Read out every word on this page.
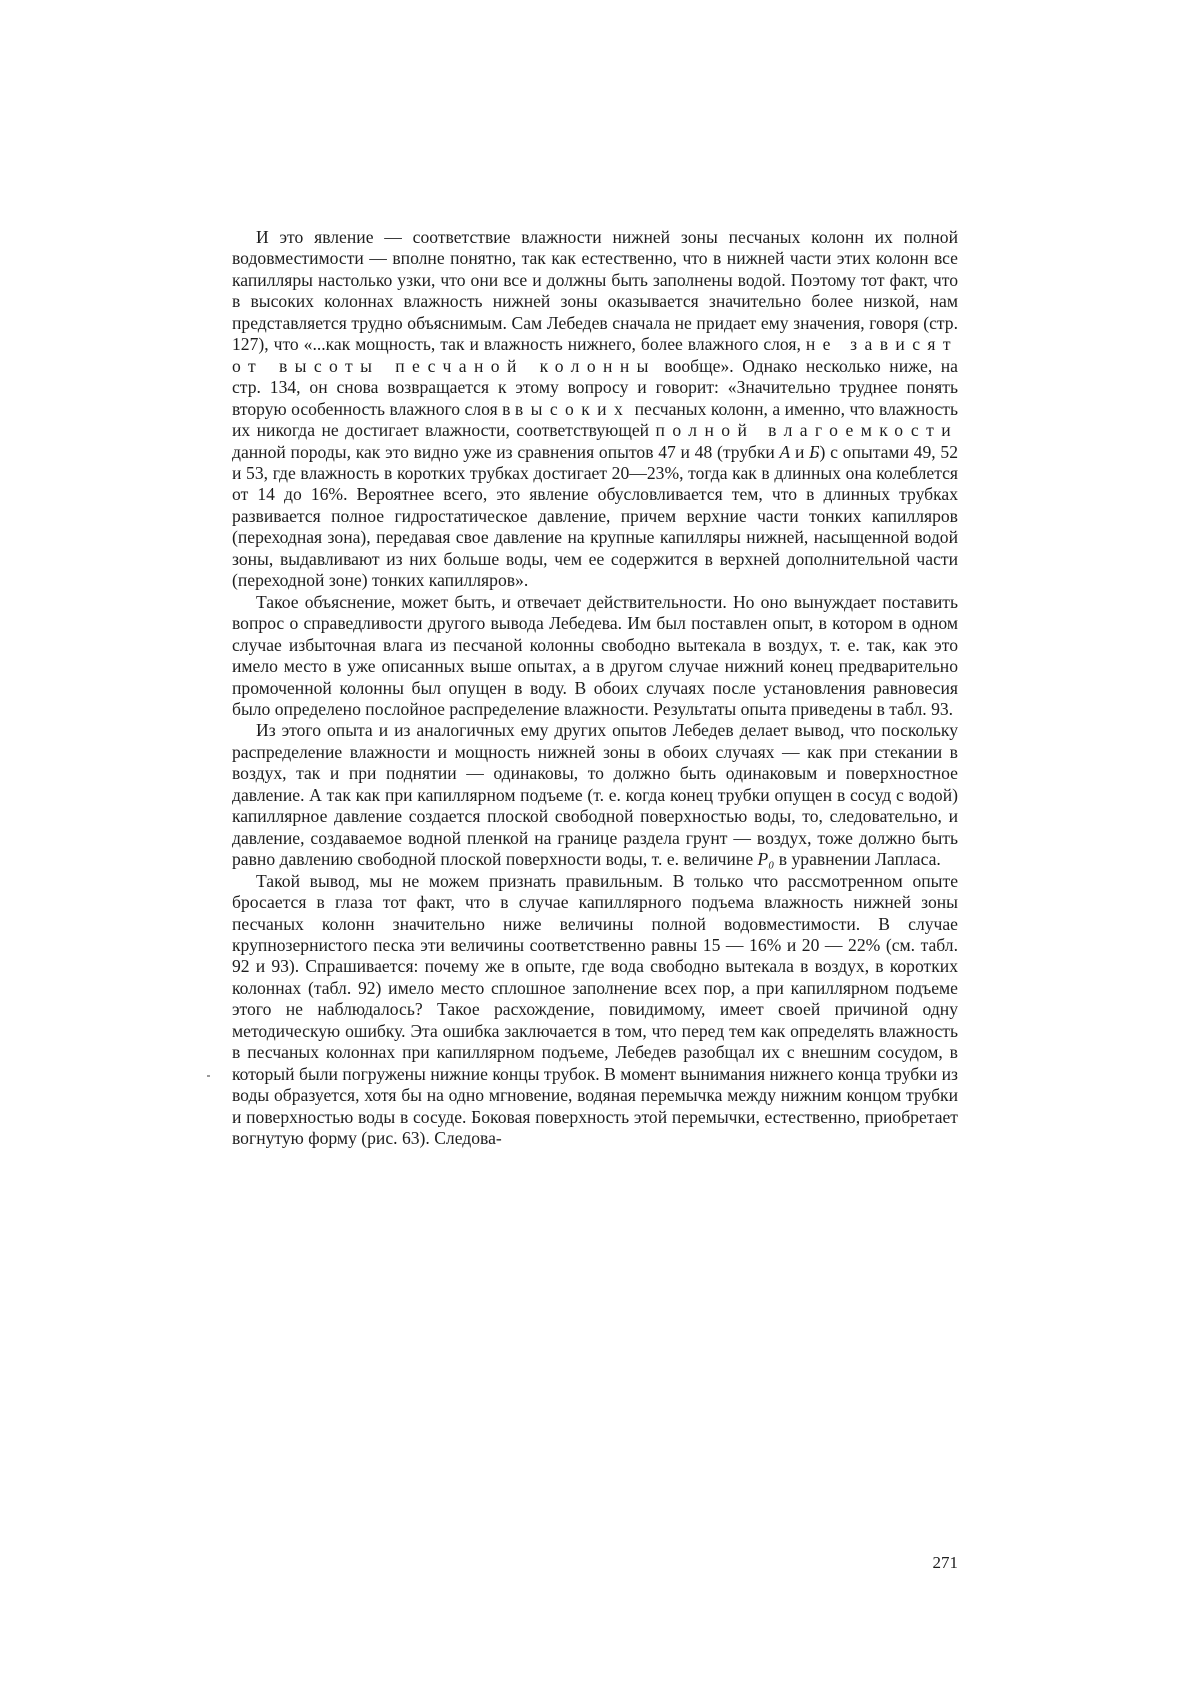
И это явление — соответствие влажности нижней зоны песчаных колонн их полной водовместимости — вполне понятно, так как естественно, что в нижней части этих колонн все капилляры настолько узки, что они все и должны быть заполнены водой. Поэтому тот факт, что в высоких колоннах влажность нижней зоны оказывается значительно более низкой, нам представляется трудно объяснимым. Сам Лебедев сначала не придает ему значения, говоря (стр. 127), что «...как мощность, так и влажность нижнего, более влажного слоя, не зависят от высоты песчаной колонны вообще». Однако несколько ниже, на стр. 134, он снова возвращается к этому вопросу и говорит: «Значительно труднее понять вторую особенность влажного слоя в высоких песчаных колонн, а именно, что влажность их никогда не достигает влажности, соответствующей полной влагоемкости данной породы, как это видно уже из сравнения опытов 47 и 48 (трубки А и Б) с опытами 49, 52 и 53, где влажность в коротких трубках достигает 20—23%, тогда как в длинных она колеблется от 14 до 16%. Вероятнее всего, это явление обусловливается тем, что в длинных трубках развивается полное гидростатическое давление, причем верхние части тонких капилляров (переходная зона), передавая свое давление на крупные капилляры нижней, насыщенной водой зоны, выдавливают из них больше воды, чем ее содержится в верхней дополнительной части (переходной зоне) тонких капилляров».

Такое объяснение, может быть, и отвечает действительности. Но оно вынуждает поставить вопрос о справедливости другого вывода Лебедева. Им был поставлен опыт, в котором в одном случае избыточная влага из песчаной колонны свободно вытекала в воздух, т. е. так, как это имело место в уже описанных выше опытах, а в другом случае нижний конец предварительно промоченной колонны был опущен в воду. В обоих случаях после установления равновесия было определено послойное распределение влажности. Результаты опыта приведены в табл. 93.

Из этого опыта и из аналогичных ему других опытов Лебедев делает вывод, что поскольку распределение влажности и мощность нижней зоны в обоих случаях — как при стекании в воздух, так и при поднятии — одинаковы, то должно быть одинаковым и поверхностное давление. А так как при капиллярном подъеме (т. е. когда конец трубки опущен в сосуд с водой) капиллярное давление создается плоской свободной поверхностью воды, то, следовательно, и давление, создаваемое водной пленкой на границе раздела грунт — воздух, тоже должно быть равно давлению свободной плоской поверхности воды, т. е. величине P₀ в уравнении Лапласа.

Такой вывод, мы не можем признать правильным. В только что рассмотренном опыте бросается в глаза тот факт, что в случае капиллярного подъема влажность нижней зоны песчаных колонн значительно ниже величины полной водовместимости. В случае крупнозернистого песка эти величины соответственно равны 15 — 16% и 20 — 22% (см. табл. 92 и 93). Спрашивается: почему же в опыте, где вода свободно вытекала в воздух, в коротких колоннах (табл. 92) имело место сплошное заполнение всех пор, а при капиллярном подъеме этого не наблюдалось? Такое расхождение, повидимому, имеет своей причиной одну методическую ошибку. Эта ошибка заключается в том, что перед тем как определять влажность в песчаных колоннах при капиллярном подъеме, Лебедев разобщал их с внешним сосудом, в который были погружены нижние концы трубок. В момент вынимания нижнего конца трубки из воды образуется, хотя бы на одно мгновение, водяная перемычка между нижним концом трубки и поверхностью воды в сосуде. Боковая поверхность этой перемычки, естественно, приобретает вогнутую форму (рис. 63). Следова-

271
